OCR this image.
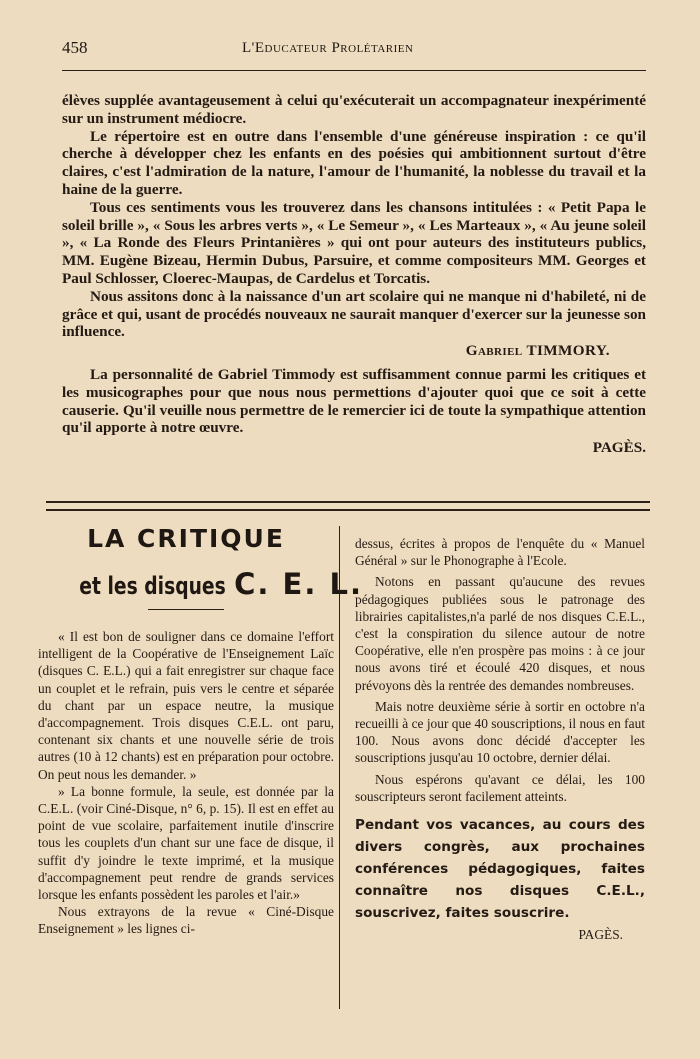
458	L'Educateur Prolétarien

élèves supplée avantageusement à celui qu'exécuterait un accompagnateur inexpérimenté sur un instrument médiocre.

Le répertoire est en outre dans l'ensemble d'une généreuse inspiration : ce qu'il cherche à développer chez les enfants en des poésies qui ambitionnent surtout d'être claires, c'est l'admiration de la nature, l'amour de l'humanité, la noblesse du travail et la haine de la guerre.

Tous ces sentiments vous les trouverez dans les chansons intitulées : « Petit Papa le soleil brille », « Sous les arbres verts », « Le Semeur », « Les Marteaux », « Au jeune soleil », « La Ronde des Fleurs Printanières » qui ont pour auteurs des instituteurs publics, MM. Eugène Bizeau, Hermin Dubus, Parsuire, et comme compositeurs MM. Georges et Paul Schlosser, Cloerec-Maupas, de Cardelus et Torcatis.

Nous assitons donc à la naissance d'un art scolaire qui ne manque ni d'habileté, ni de grâce et qui, usant de procédés nouveaux ne saurait manquer d'exercer sur la jeunesse son influence.

Gabriel TIMMORY.

La personnalité de Gabriel Timmody est suffisamment connue parmi les critiques et les musicographes pour que nous nous permettions d'ajouter quoi que ce soit à cette causerie. Qu'il veuille nous permettre de le remercier ici de toute la sympathique attention qu'il apporte à notre œuvre.

PAGÈS.
LA CRITIQUE
et les disques C. E. L.

« Il est bon de souligner dans ce domaine l'effort intelligent de la Coopérative de l'Enseignement Laïc (disques C. E.L.) qui a fait enregistrer sur chaque face un couplet et le refrain, puis vers le centre et séparée du chant par un espace neutre, la musique d'accompagnement. Trois disques C.E.L. ont paru, contenant six chants et une nouvelle série de trois autres (10 à 12 chants) est en préparation pour octobre. On peut nous les demander. »

» La bonne formule, la seule, est donnée par la C.E.L. (voir Ciné-Disque, n° 6, p. 15). Il est en effet au point de vue scolaire, parfaitement inutile d'inscrire tous les couplets d'un chant sur une face de disque, il suffit d'y joindre le texte imprimé, et la musique d'accompagnement peut rendre de grands services lorsque les enfants possèdent les paroles et l'air.»

Nous extrayons de la revue « Ciné-Disque Enseignement » les lignes ci-

dessus, écrites à propos de l'enquête du « Manuel Général » sur le Phonographe à l'Ecole.

Notons en passant qu'aucune des revues pédagogiques publiées sous le patronage des librairies capitalistes,n'a parlé de nos disques C.E.L., c'est la conspiration du silence autour de notre Coopérative, elle n'en prospère pas moins : à ce jour nous avons tiré et écoulé 420 disques, et nous prévoyons dès la rentrée des demandes nombreuses.

Mais notre deuxième série à sortir en octobre n'a recueilli à ce jour que 40 souscriptions, il nous en faut 100. Nous avons donc décidé d'accepter les souscriptions jusqu'au 10 octobre, dernier délai.

Nous espérons qu'avant ce délai, les 100 souscripteurs seront facilement atteints.

Pendant vos vacances, au cours des divers congrès, aux prochaines conférences pédagogiques, faites connaître nos disques C.E.L., souscrivez, faites souscrire.

PAGÈS.
